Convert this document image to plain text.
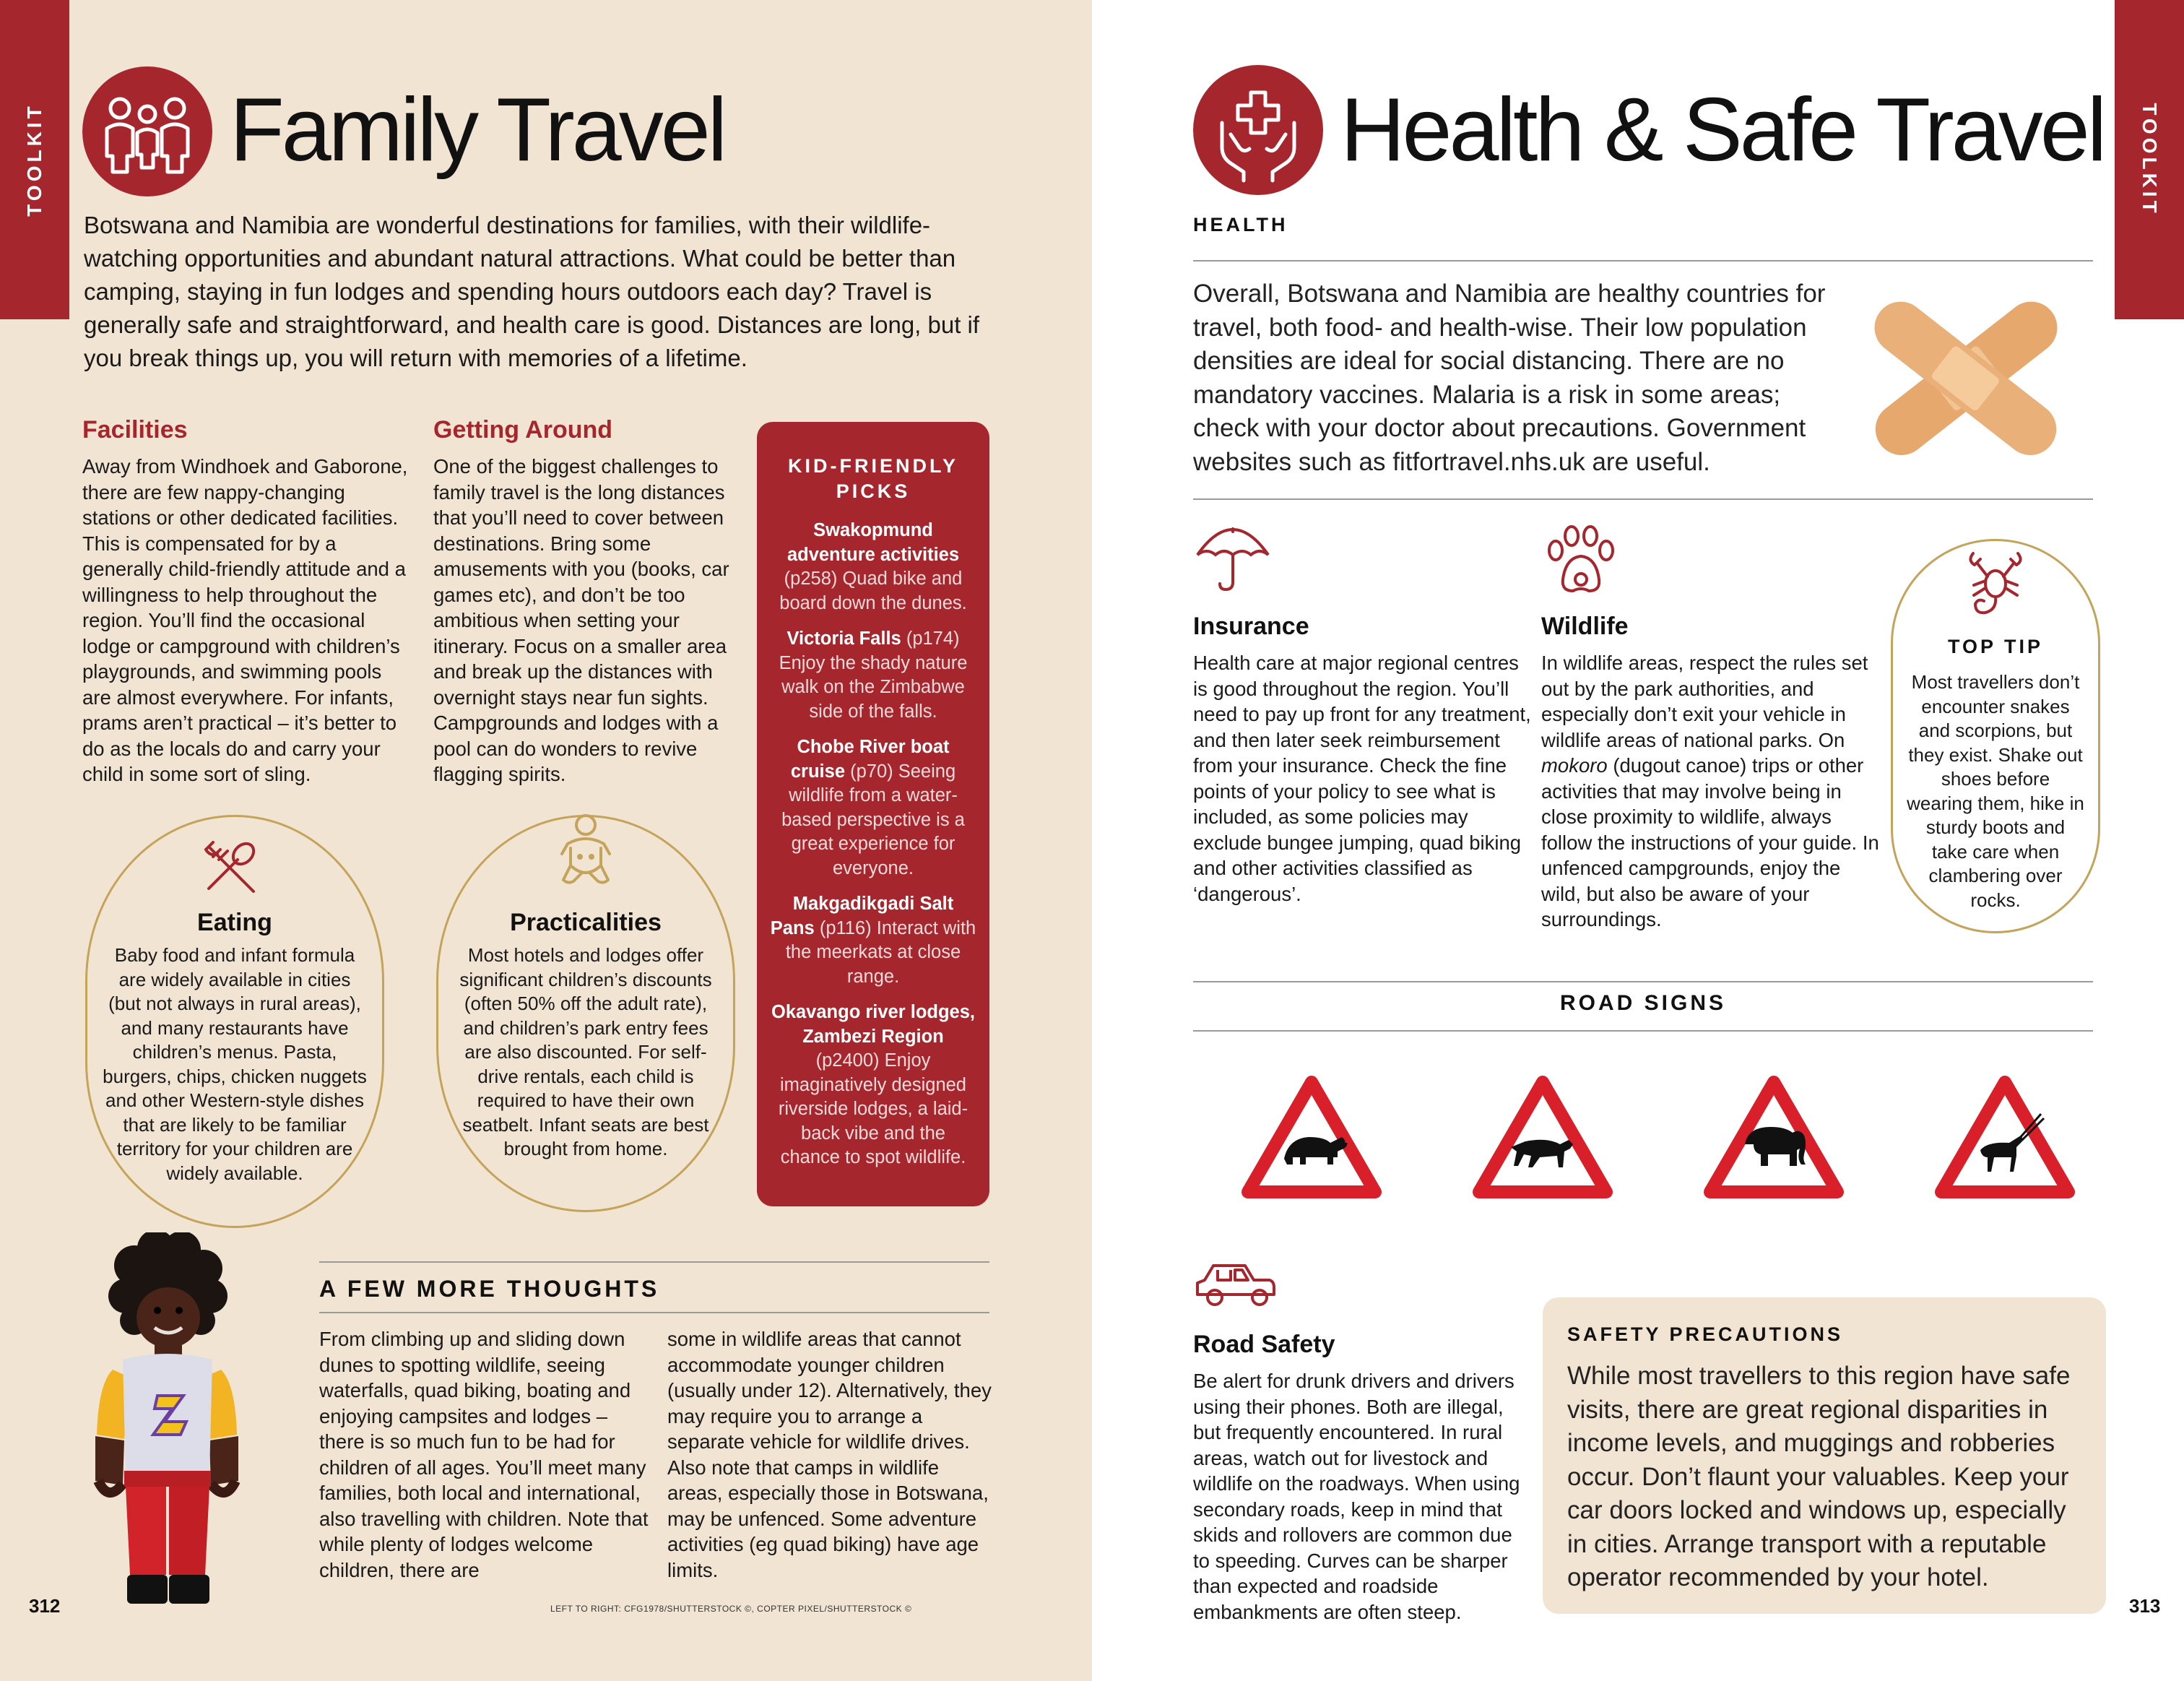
TOOLKIT Family Travel

Botswana and Namibia are wonderful destinations for families, with their wildlife-watching opportunities and abundant natural attractions. What could be better than camping, staying in fun lodges and spending hours outdoors each day? Travel is generally safe and straightforward, and health care is good. Distances are long, but if you break things up, you will return with memories of a lifetime.

Facilities

Away from Windhoek and Gaborone, there are few nappy-changing stations or other dedicated facilities. This is compensated for by a generally child-friendly attitude and a willingness to help throughout the region. You’ll find the occasional lodge or campground with children’s playgrounds, and swimming pools are almost everywhere. For infants, prams aren’t practical – it’s better to do as the locals do and carry your child in some sort of sling.

Getting Around

One of the biggest challenges to family travel is the long distances that you’ll need to cover between destinations. Bring some amusements with you (books, car games etc), and don’t be too ambitious when setting your itinerary. Focus on a smaller area and break up the distances with overnight stays near fun sights. Campgrounds and lodges with a pool can do wonders to revive flagging spirits.

KID-FRIENDLY PICKS
Swakopmund adventure activities (p258) Quad bike and board down the dunes.
Victoria Falls (p174) Enjoy the shady nature walk on the Zimbabwe side of the falls.
Chobe River boat cruise (p70) Seeing wildlife from a water-based perspective is a great experience for everyone.
Makgadikgadi Salt Pans (p116) Interact with the meerkats at close range.
Okavango river lodges, Zambezi Region (p2400) Enjoy imaginatively designed riverside lodges, a laid-back vibe and the chance to spot wildlife.
Eating

Baby food and infant formula are widely available in cities (but not always in rural areas), and many restaurants have children’s menus. Pasta, burgers, chips, chicken nuggets and other Western-style dishes that are likely to be familiar territory for your children are widely available.

Practicalities

Most hotels and lodges offer significant children’s discounts (often 50% off the adult rate), and children’s park entry fees are also discounted. For self-drive rentals, each child is required to have their own seatbelt. Infant seats are best brought from home.

A FEW MORE THOUGHTS

From climbing up and sliding down dunes to spotting wildlife, seeing waterfalls, quad biking, boating and enjoying campsites and lodges – there is so much fun to be had for children of all ages. You’ll meet many families, both local and international, also travelling with children. Note that while plenty of lodges welcome children, there are

some in wildlife areas that cannot accommodate younger children (usually under 12). Alternatively, they may require you to arrange a separate vehicle for wildlife drives. Also note that camps in wildlife areas, especially those in Botswana, may be unfenced. Some adventure activities (eg quad biking) have age limits.

LEFT TO RIGHT: CFG1978/SHUTTERSTOCK ©, COPTER PIXEL/SHUTTERSTOCK ©
312
TOOLKIT
Health & Safe Travel
HEALTH

Overall, Botswana and Namibia are healthy countries for travel, both food- and health-wise. Their low population densities are ideal for social distancing. There are no mandatory vaccines. Malaria is a risk in some areas; check with your doctor about precautions. Government websites such as fitfortravel.nhs.uk are useful.

Insurance

Health care at major regional centres is good throughout the region. You’ll need to pay up front for any treatment, and then later seek reimbursement from your insurance. Check the fine points of your policy to see what is included, as some policies may exclude bungee jumping, quad biking and other activities classified as ‘dangerous’.

Wildlife

In wildlife areas, respect the rules set out by the park authorities, and especially don’t exit your vehicle in wildlife areas of national parks. On mokoro (dugout canoe) trips or other activities that may involve being in close proximity to wildlife, always follow the instructions of your guide. In unfenced campgrounds, enjoy the wild, but also be aware of your surroundings.

TOP TIP

Most travellers don’t encounter snakes and scorpions, but they exist. Shake out shoes before wearing them, hike in sturdy boots and take care when clambering over rocks.

ROAD SIGNS
Road Safety

Be alert for drunk drivers and drivers using their phones. Both are illegal, but frequently encountered. In rural areas, watch out for livestock and wildlife on the roadways. When using secondary roads, keep in mind that skids and rollovers are common due to speeding. Curves can be sharper than expected and roadside embankments are often steep.

SAFETY PRECAUTIONS

While most travellers to this region have safe visits, there are great regional disparities in income levels, and muggings and robberies occur. Don’t flaunt your valuables. Keep your car doors locked and windows up, especially in cities. Arrange transport with a reputable operator recommended by your hotel.

313
